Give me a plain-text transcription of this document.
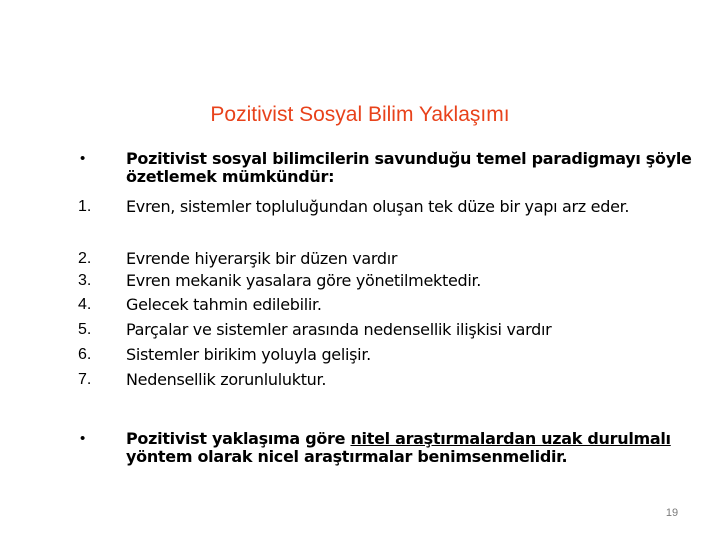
Pozitivist Sosyal Bilim Yaklaşımı
•	Pozitivist sosyal bilimcilerin savunduğu temel paradigmayı şöyle özetlemek mümkündür:
1. Evren, sistemler topluluğundan oluşan tek düze bir yapı arz eder.
2. Evrende hiyerarşik bir düzen vardır
3. Evren mekanik yasalara göre yönetilmektedir.
4. Gelecek tahmin edilebilir.
5. Parçalar ve sistemler arasında nedensellik ilişkisi vardır
6. Sistemler birikim yoluyla gelişir.
7. Nedensellik zorunluluktur.
•	Pozitivist yaklaşıma göre nitel araştırmalardan uzak durulmalı yöntem olarak nicel araştırmalar benimsenmelidir.
19
